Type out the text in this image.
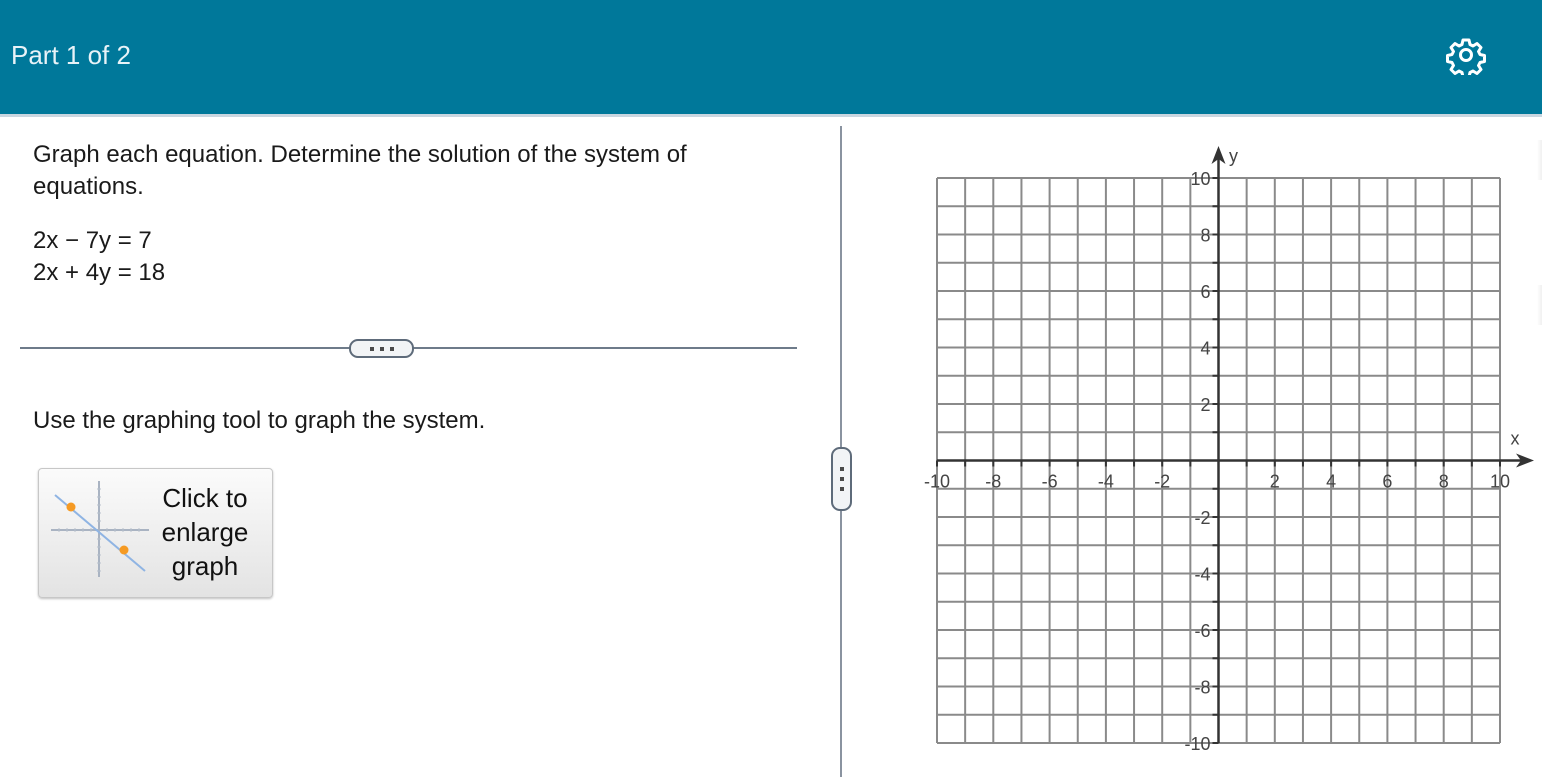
Part 1 of 2
Graph each equation. Determine the solution of the system of equations.
2x − 7y = 7
2x + 4y = 18
Use the graphing tool to graph the system.
Click to enlarge graph
-10 -8 -6 -4 -2	2	4	6	8 10
10
8
6
4
2
-2
-4
-6
-8
-10
x
y
